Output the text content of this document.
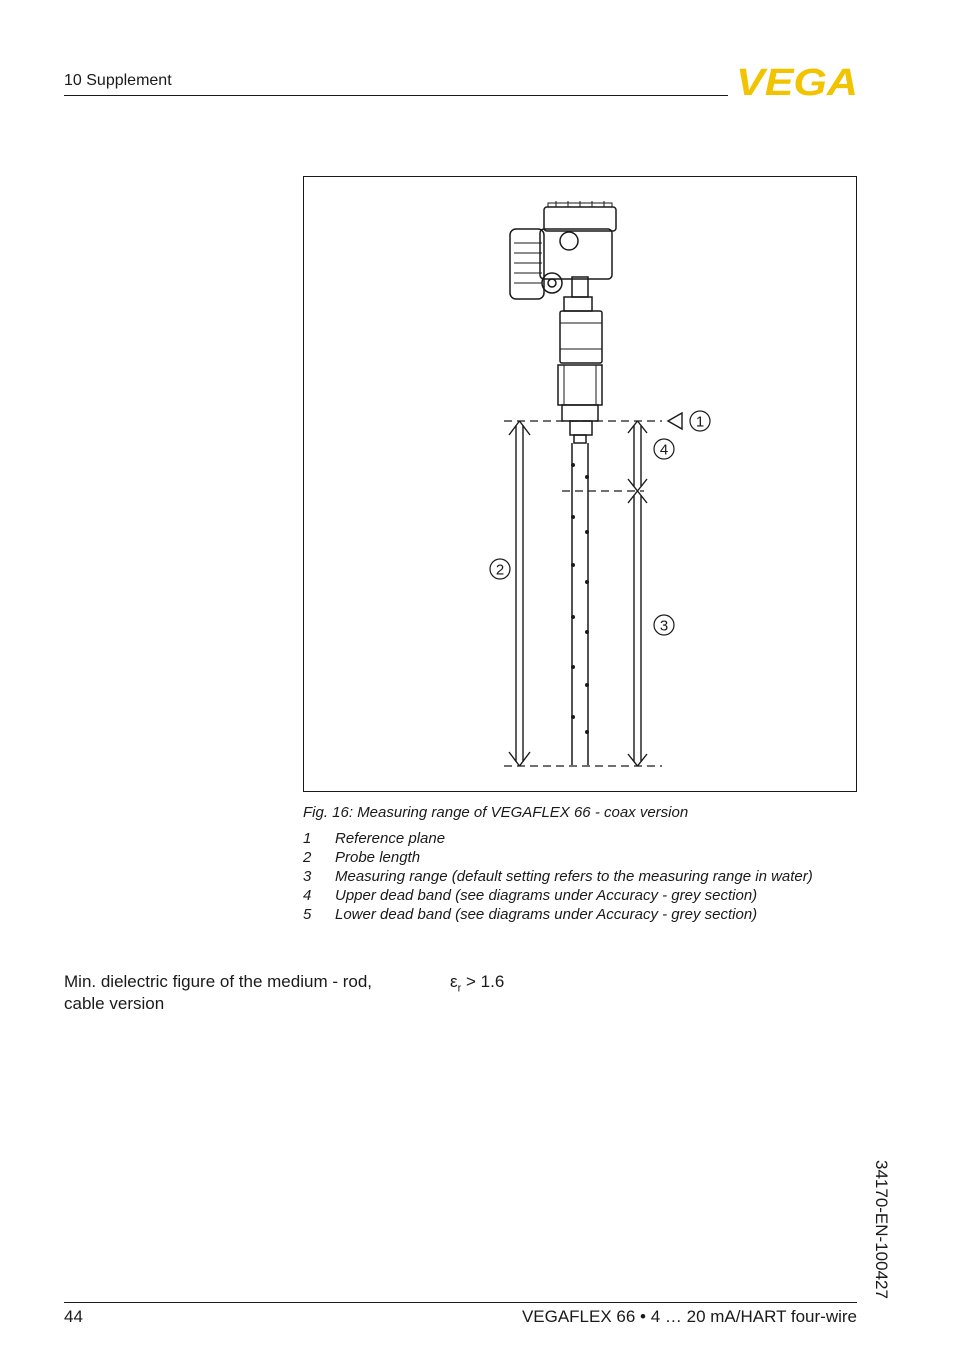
10 Supplement	VEGA
1
4
2
3
Fig. 16: Measuring range of VEGAFLEX 66 - coax version
1 Reference plane
2 Probe length
3 Measuring range (default setting refers to the measuring range in water)
4 Upper dead band (see diagrams under Accuracy - grey section)
5 Lower dead band (see diagrams under Accuracy - grey section)
Min. dielectric figure of the medium - rod, cable version
$\varepsilon_r > 1.6$
34170-EN-100427
44	VEGAFLEX 66 • 4 … 20 mA/HART four-wire
